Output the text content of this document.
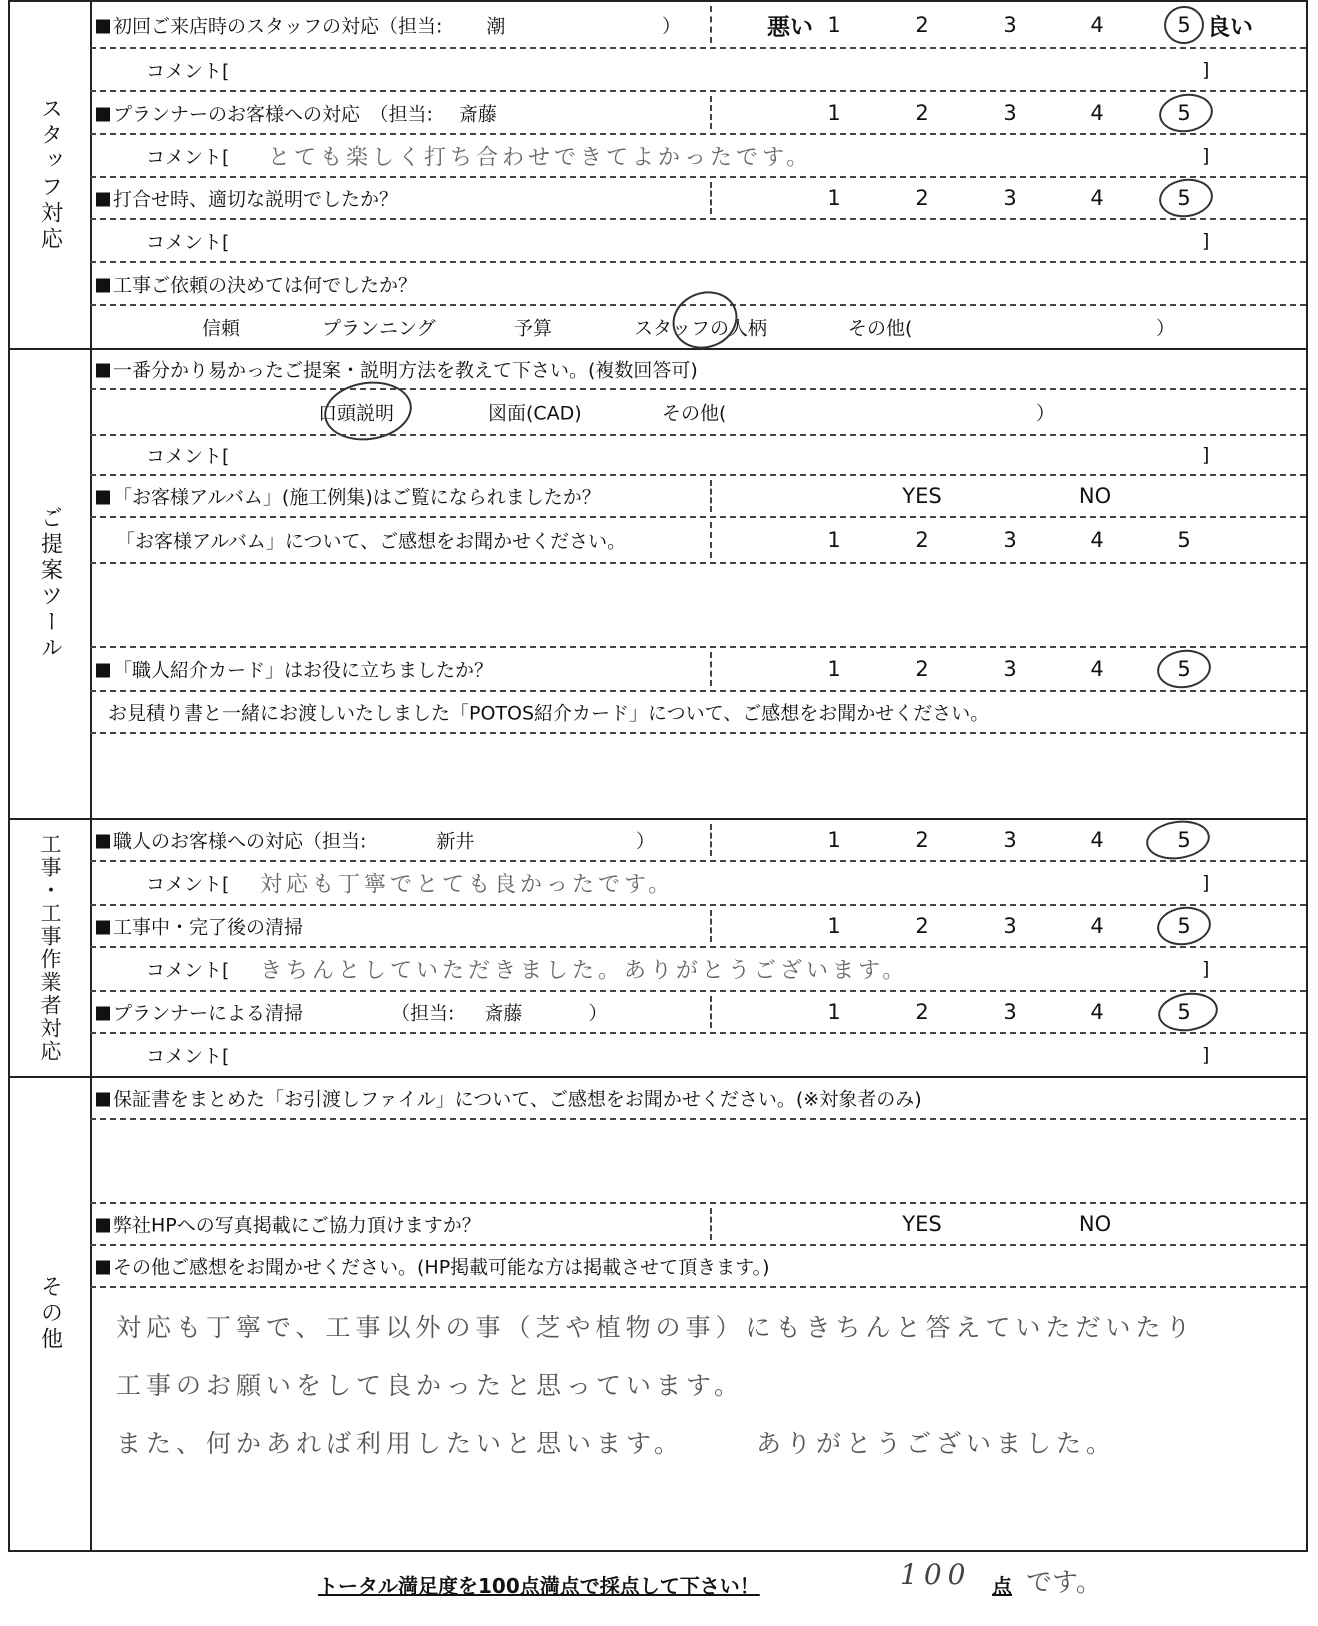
スタッフ対応
初回ご来店時のスタッフの対応（担当: 潮	）	悪い 1	2	3	4	5 良い
コメント[	]
プランナーのお客様への対応　（担当: 斎藤	1	2	3	4	5
コメント[ とても楽しく打ち合わせできてよかったです。	]
打合せ時、適切な説明でしたか？	1	2	3	4	5
コメント[	]
工事ご依頼の決めては何でしたか？
信頼	プランニング	予算	スタッフの人柄	その他(	）
ご提案ツール
一番分かり易かったご提案・説明方法を教えて下さい。(複数回答可)
口頭説明	図面(CAD)	その他(	）
コメント[	]
「お客様アルバム」(施工例集)はご覧になられましたか？	YES	NO
「お客様アルバム」について、ご感想をお聞かせください。	1	2	3	4	5
「職人紹介カード」はお役に立ちましたか？	1	2	3	4	5
お見積り書と一緒にお渡しいたしました「POTOS紹介カード」について、ご感想をお聞かせください。
工事・工事作業者対応	職人のお客様への対応（担当:	新井	）	1	2	3	4	5
コメント[ 対応も丁寧でとても良かったです。	]
工事中・完了後の清掃	1	2	3	4	5
コメント[ きちんとしていただきました。ありがとうございます。	]
プランナーによる清掃	（担当: 斎藤	）	1	2	3	4	5
コメント[	]
その他
保証書をまとめた「お引渡しファイル」について、ご感想をお聞かせください。(※対象者のみ)
弊社HPへの写真掲載にご協力頂けますか？	YES	NO
その他ご感想をお聞かせください。(HP掲載可能な方は掲載させて頂きます。)
対応も丁寧で、工事以外の事（芝や植物の事）にもきちんと答えていただいたり
工事のお願いをして良かったと思っています。
また、何かあれば利用したいと思います。	ありがとうございました。
トータル満足度を100点満点で採点して下さい！	100 点 です。
